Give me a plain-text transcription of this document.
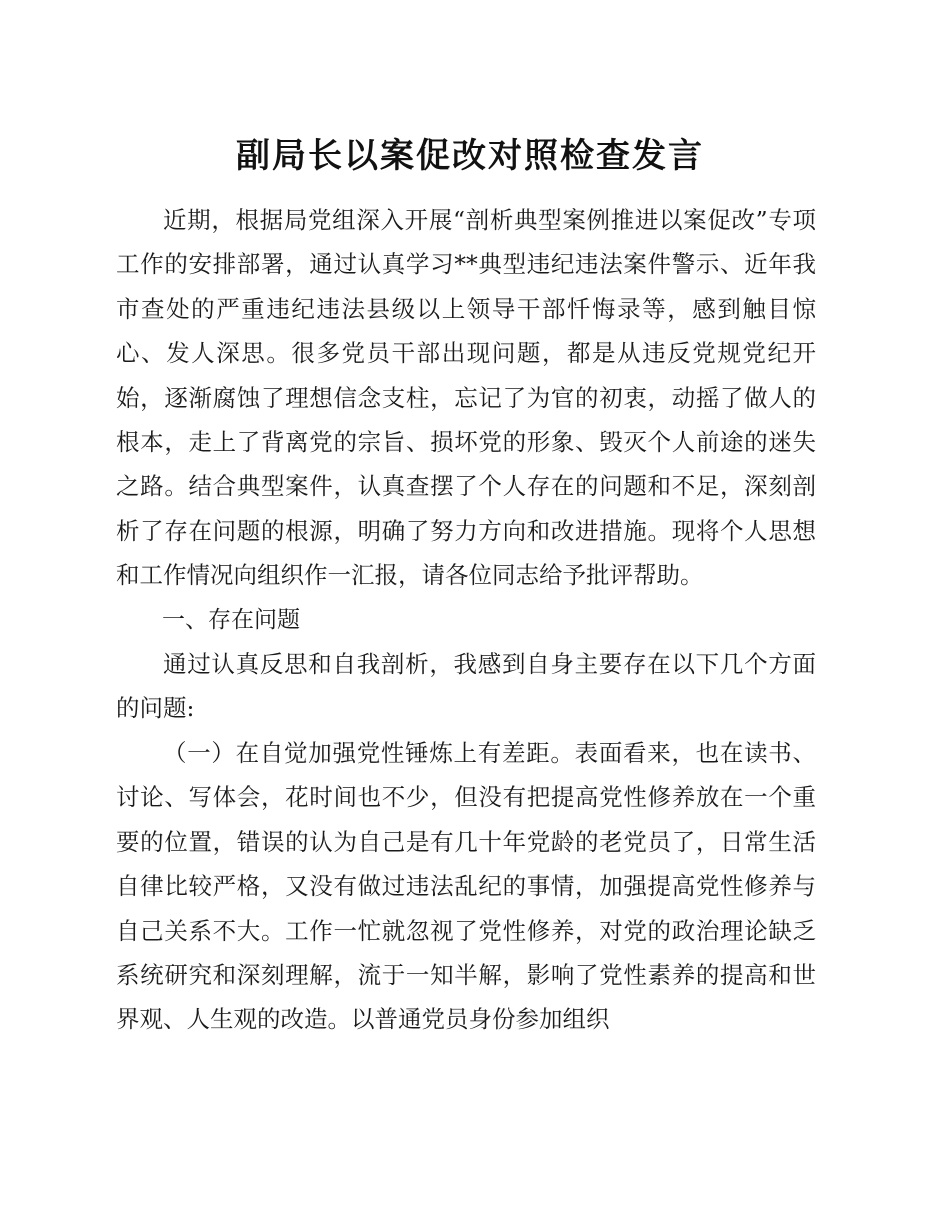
副局长以案促改对照检查发言

近期，根据局党组深入开展“剖析典型案例推进以案促改”专项工作的安排部署，通过认真学习**典型违纪违法案件警示、近年我市查处的严重违纪违法县级以上领导干部忏悔录等，感到触目惊心、发人深思。很多党员干部出现问题，都是从违反党规党纪开始，逐渐腐蚀了理想信念支柱，忘记了为官的初衷，动摇了做人的根本，走上了背离党的宗旨、损坏党的形象、毁灭个人前途的迷失之路。结合典型案件，认真查摆了个人存在的问题和不足，深刻剖析了存在问题的根源，明确了努力方向和改进措施。现将个人思想和工作情况向组织作一汇报，请各位同志给予批评帮助。

一、存在问题

通过认真反思和自我剖析，我感到自身主要存在以下几个方面的问题:

（一）在自觉加强党性锤炼上有差距。表面看来，也在读书、讨论、写体会，花时间也不少，但没有把提高党性修养放在一个重要的位置，错误的认为自己是有几十年党龄的老党员了，日常生活自律比较严格，又没有做过违法乱纪的事情，加强提高党性修养与自己关系不大。工作一忙就忽视了党性修养，对党的政治理论缺乏系统研究和深刻理解，流于一知半解，影响了党性素养的提高和世界观、人生观的改造。以普通党员身份参加组织
